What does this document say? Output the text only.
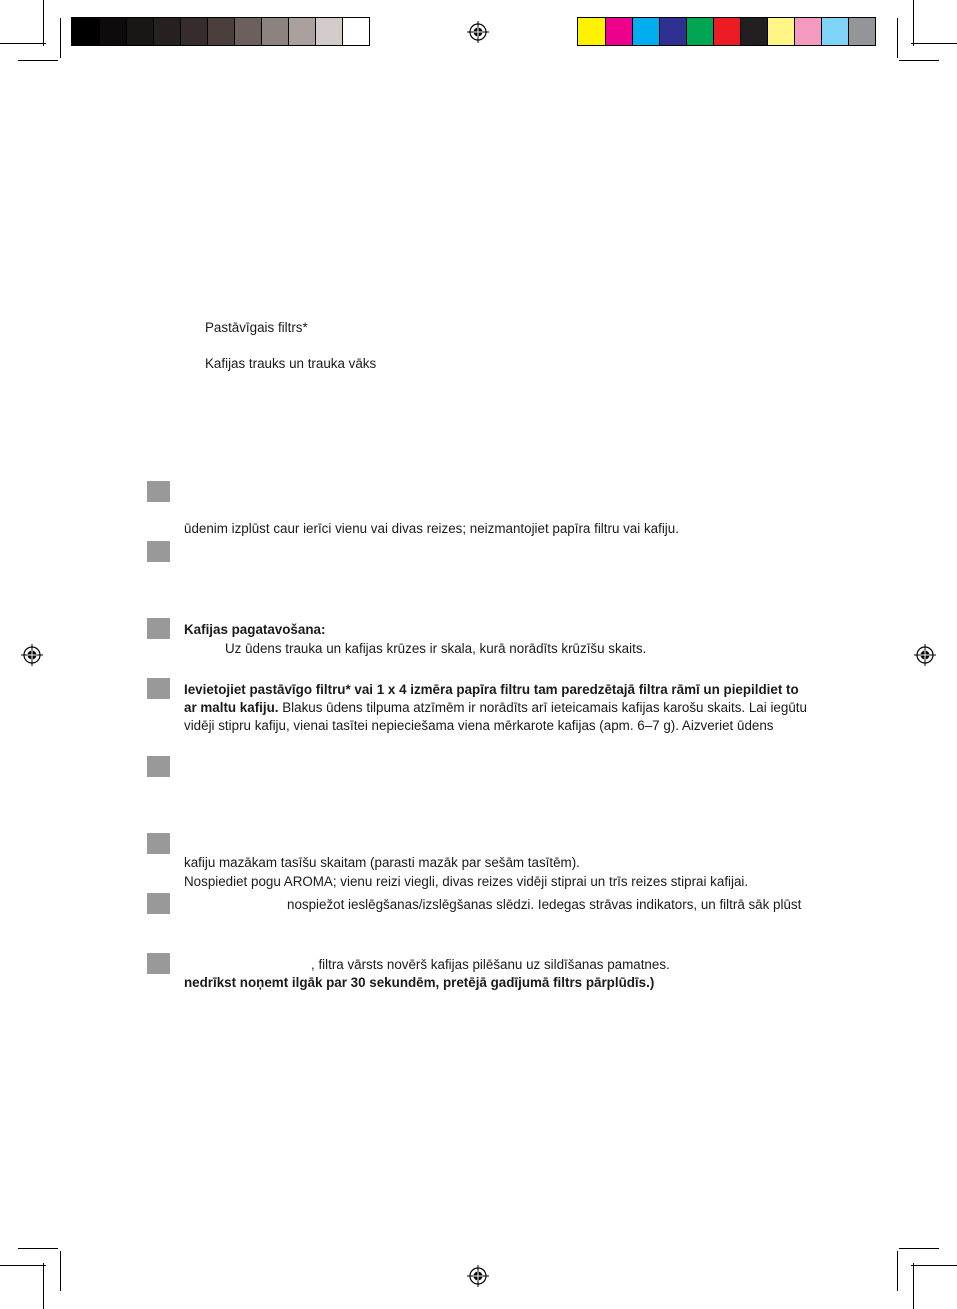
Pastāvīgais filtrs*
Kafijas trauks un trauka vāks
ūdenim izplūst caur ierīci vienu vai divas reizes; neizmantojiet papīra filtru vai kafiju.
Kafijas pagatavošana:
Uz ūdens trauka un kafijas krūzes ir skala, kurā norādīts krūzīšu skaits.
Ievietojiet pastāvīgo filtru* vai 1 x 4 izmēra papīra filtru tam paredzētajā filtra rāmī un piepildiet to
ar maltu kafiju. Blakus ūdens tilpuma atzīmēm ir norādīts arī ieteicamais kafijas karošu skaits. Lai iegūtu
vidēji stipru kafiju, vienai tasītei nepieciešama viena mērkarote kafijas (apm. 6–7 g). Aizveriet ūdens
kafiju mazākam tasīšu skaitam (parasti mazāk par sešām tasītēm).
Nospiediet pogu AROMA; vienu reizi viegli, divas reizes vidēji stiprai un trīs reizes stiprai kafijai.
nospiežot ieslēgšanas/izslēgšanas slēdzi. Iedegas strāvas indikators, un filtrā sāk plūst
, filtra vārsts novērš kafijas pilēšanu uz sildīšanas pamatnes.
nedrīkst noņemt ilgāk par 30 sekundēm, pretējā gadījumā filtrs pārplūdīs.)
